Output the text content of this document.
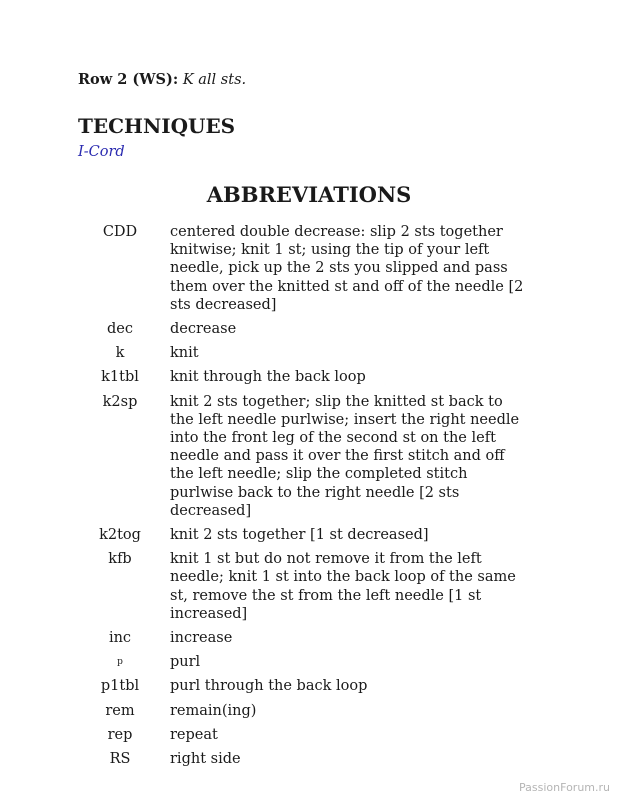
Row 2 (WS): K all sts.
TECHNIQUES
I-Cord
ABBREVIATIONS
CDD	centered double decrease: slip 2 sts together knitwise; knit 1 st; using the tip of your left needle, pick up the 2 sts you slipped and pass them over the knitted st and off of the needle [2 sts decreased]
dec	decrease
k	knit
k1tbl	knit through the back loop
k2sp	knit 2 sts together; slip the knitted st back to the left needle purlwise; insert the right needle into the front leg of the second st on the left needle and pass it over the first stitch and off the left needle; slip the completed stitch purlwise back to the right needle [2 sts decreased]
k2tog	knit 2 sts together [1 st decreased]
kfb	knit 1 st but do not remove it from the left needle; knit 1 st into the back loop of the same st, remove the st from the left needle [1 st increased]
inc	increase
p	purl
p1tbl	purl through the back loop
rem	remain(ing)
rep	repeat
RS	right side
PassionForum.ru
